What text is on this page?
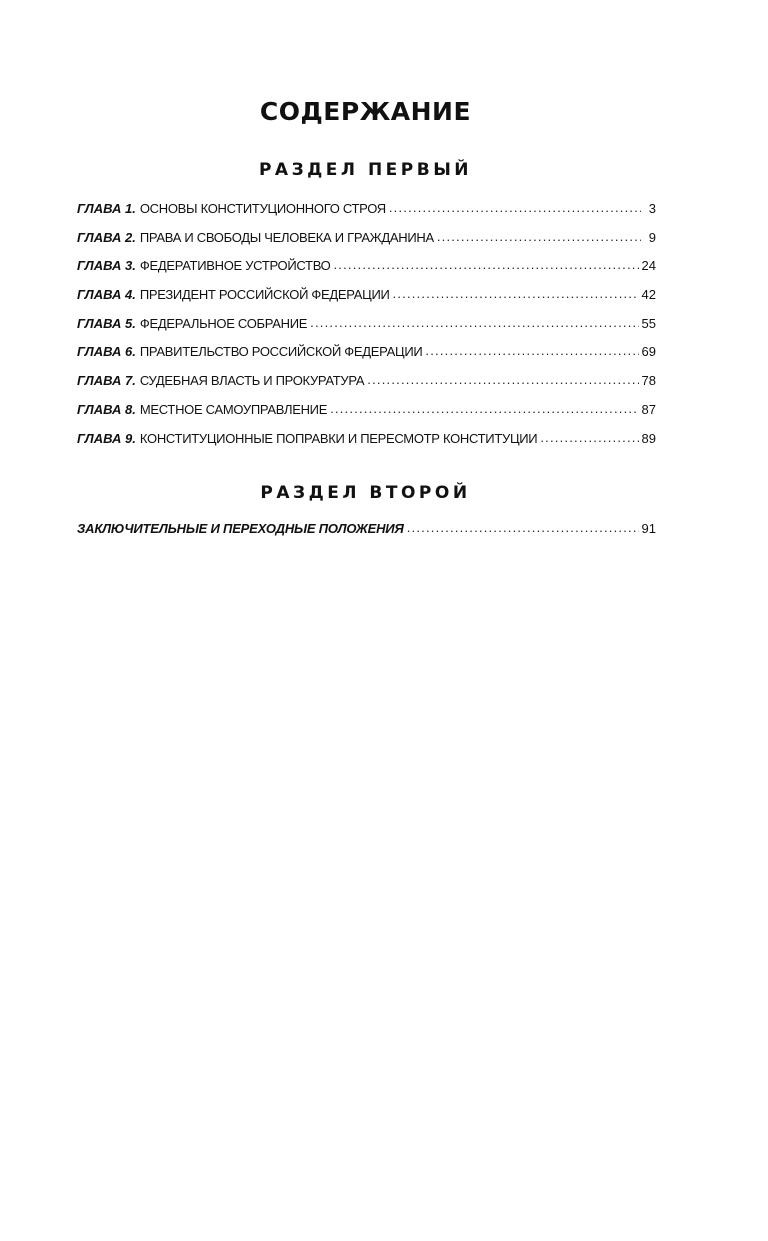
СОДЕРЖАНИЕ
РАЗДЕЛ ПЕРВЫЙ
ГЛАВА 1. ОСНОВЫ КОНСТИТУЦИОННОГО СТРОЯ .....	3
ГЛАВА 2. ПРАВА И СВОБОДЫ ЧЕЛОВЕКА И ГРАЖДАНИНА .....	9
ГЛАВА 3. ФЕДЕРАТИВНОЕ УСТРОЙСТВО .....	24
ГЛАВА 4. ПРЕЗИДЕНТ РОССИЙСКОЙ ФЕДЕРАЦИИ .....	42
ГЛАВА 5. ФЕДЕРАЛЬНОЕ СОБРАНИЕ .....	55
ГЛАВА 6. ПРАВИТЕЛЬСТВО РОССИЙСКОЙ ФЕДЕРАЦИИ .....	69
ГЛАВА 7. СУДЕБНАЯ ВЛАСТЬ И ПРОКУРАТУРА .....	78
ГЛАВА 8. МЕСТНОЕ САМОУПРАВЛЕНИЕ .....	87
ГЛАВА 9. КОНСТИТУЦИОННЫЕ ПОПРАВКИ И ПЕРЕСМОТР КОНСТИТУЦИИ .....	89
РАЗДЕЛ ВТОРОЙ
ЗАКЛЮЧИТЕЛЬНЫЕ И ПЕРЕХОДНЫЕ ПОЛОЖЕНИЯ .....	91
